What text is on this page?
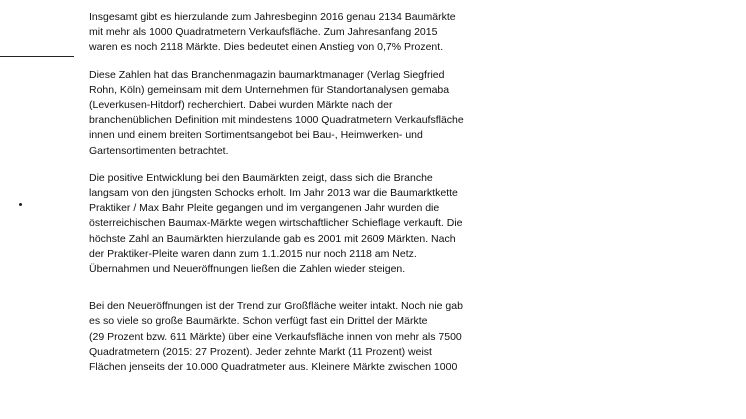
Insgesamt gibt es hierzulande zum Jahresbeginn 2016 genau 2134 Baumärkte
mit mehr als 1000 Quadratmetern Verkaufsfläche. Zum Jahresanfang 2015
waren es noch 2118 Märkte. Dies bedeutet einen Anstieg von 0,7% Prozent.

Diese Zahlen hat das Branchenmagazin baumarktmanager (Verlag Siegfried
Rohn, Köln) gemeinsam mit dem Unternehmen für Standortanalysen gemaba
(Leverkusen-Hitdorf) recherchiert. Dabei wurden Märkte nach der
branchenüblichen Definition mit mindestens 1000 Quadratmetern Verkaufsfläche
innen und einem breiten Sortimentsangebot bei Bau-, Heimwerken- und
Gartensortimenten betrachtet.

Die positive Entwicklung bei den Baumärkten zeigt, dass sich die Branche
langsam von den jüngsten Schocks erholt. Im Jahr 2013 war die Baumarktkette
Praktiker / Max Bahr Pleite gegangen und im vergangenen Jahr wurden die
österreichischen Baumax-Märkte wegen wirtschaftlicher Schieflage verkauft. Die
höchste Zahl an Baumärkten hierzulande gab es 2001 mit 2609 Märkten. Nach
der Praktiker-Pleite waren dann zum 1.1.2015 nur noch 2118 am Netz.
Übernahmen und Neueröffnungen ließen die Zahlen wieder steigen.

Bei den Neueröffnungen ist der Trend zur Großfläche weiter intakt. Noch nie gab
es so viele so große Baumärkte. Schon verfügt fast ein Drittel der Märkte
(29 Prozent bzw. 611 Märkte) über eine Verkaufsfläche innen von mehr als 7500
Quadratmetern (2015: 27 Prozent). Jeder zehnte Markt (11 Prozent) weist
Flächen jenseits der 10.000 Quadratmeter aus. Kleinere Märkte zwischen 1000
